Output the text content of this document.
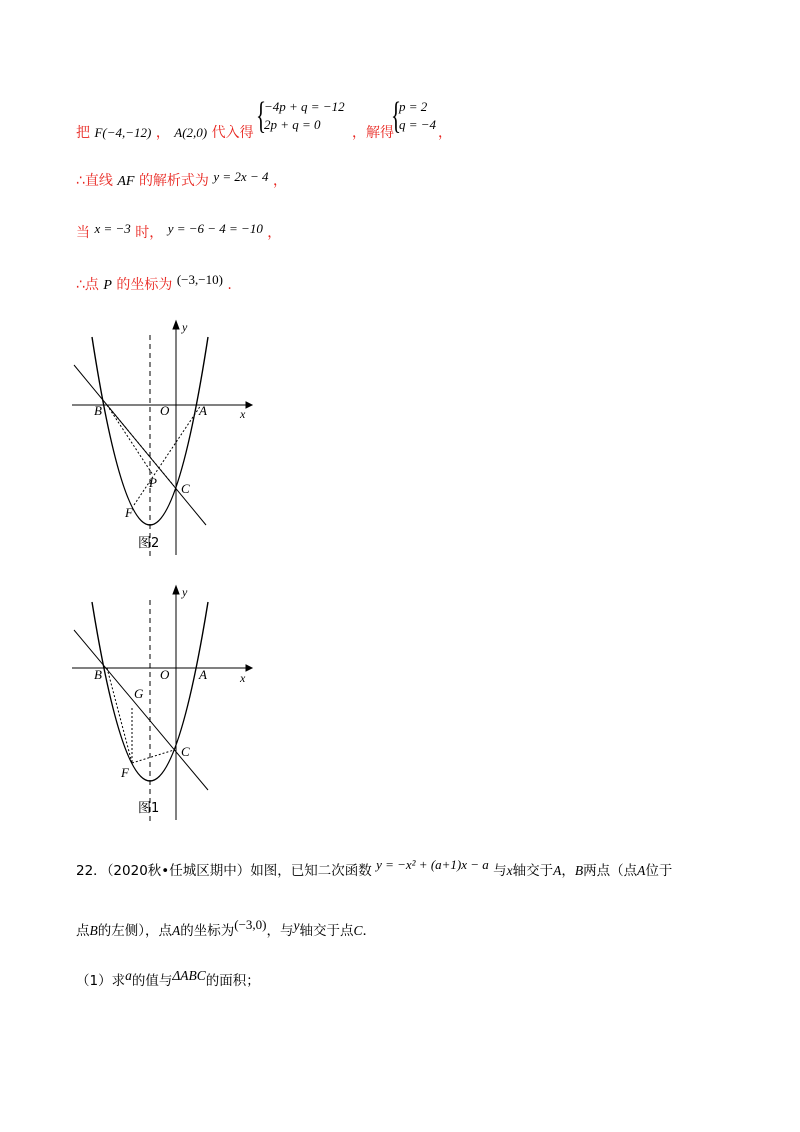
把 F(−4,−12) ， A(2,0) 代入得 {
−4p + q = −12
2p + q = 0
，解得
{
p = 2
q = −4
，
∴直线 AF 的解析式为 y = 2x − 4 ，
当 x = −3 时， y = −6 − 4 = −10 ，
∴点 P 的坐标为 (−3,−10) .
y
x
B	O A
P C
F
图2
y
x
B	O A
G
C
F
图1
22．（2020秋•任城区期中）如图，已知二次函数 y = −x² + (a+1)x − a 与x轴交于A，B两点（点A位于
点B的左侧），点A的坐标为(−3,0)，与y轴交于点C．
（1）求a的值与ΔABC的面积；
